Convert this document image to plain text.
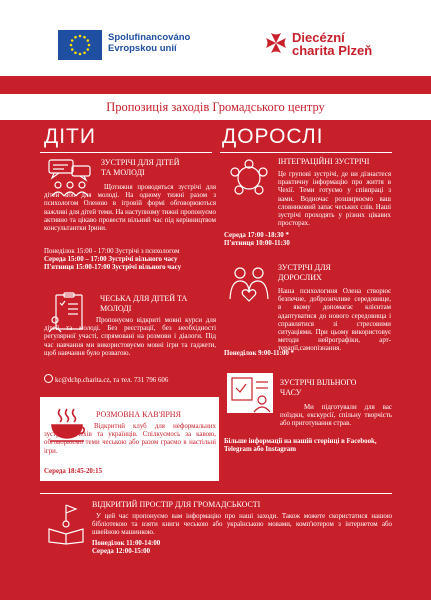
Spolufinancováno
Evropskou unií
Diecézní
charita Plzeň
Пропозиція заходів Громадського центру
ДІТИ	ДОРОСЛІ
ЗУСТРІЧІ ДЛЯ ДІТЕЙ
ТА МОЛОДІ
Щотижня проводяться зустрічі для дітей або для молоді. На одному тижні разом з психологом Оленою в ігровій формі обговорюються важливі для дітей теми. На наступному тижні пропонуємо активно та цікаво провести вільний час під керівництвом консультантки Ірини.
Понеділок 15:00 - 17:00 Зустрічі з психологом
Середа 15:00 – 17:00 Зустрічі вільного часу
П'ятниця 15:00-17:00 Зустрічі вільного часу
ЧЕСЬКА ДЛЯ ДІТЕЙ ТА
МОЛОДІ
Пропонуємо відкриті мовні курси для дітей та молоді. Без реєстрації, без необхідності регулярної участі, спрямовані на розмови і діалоги. Під час навчання ми використовуємо мовні ігри та гаджети, щоб навчання було розвагою.
kc@dchp.charita.cz, та тел. 731 796 606
ІНТЕГРАЦІЙНІ ЗУСТРІЧІ
Це групові зустрічі, де ви дізнаєтеся практичну інформацію про життя в Чехії. Теми готуємо у співпраці з вами. Водночас розширюємо ваш словниковий запас чеських слів. Наші зустрічі проходять у різних цікавих просторах.
Середа 17:00 -18:30 *
П'ятниця 10:00-11:30
ЗУСТРІЧІ ДЛЯ
ДОРОСЛИХ
Наша психологиня Олена створює безпечне, доброзичливе середовище, в якому допомагає клієнтам адаптуватися до нового середовища і справлятися зі стресовими ситуаціями. При цьому використовує методи нейрографіки, арт-терапії,самопізнання.
Понеділок 9:00-11:00 *
ЗУСТРІЧІ ВІЛЬНОГО
ЧАСУ
Ми підготували для вас поїздки, екскурсії, спільну творчість або приготування страв.
Більше інформації на нашій сторінці в Facebook, Telegram або Instagram
РОЗМОВНА КАВ'ЯРНЯ
Відкритий клуб для неформальних зустрічей чехів та українців. Спілкуємось за кавою, обговорюємо теми чеською або разом граємо в настільні ігри.
Середа 18:45-20:15
ВІДКРИТИЙ ПРОСТІР ДЛЯ ГРОМАДСЬКОСТІ
У цей час пропонуємо вам інформацію про наші заходи. Також можете скористатися нашою бібліотекою та взяти книги чеською або українською мовами, комп'ютером з інтернетом або швейною машинкою.
Понеділок 11:00-14:00
Середа 12:00-15:00
